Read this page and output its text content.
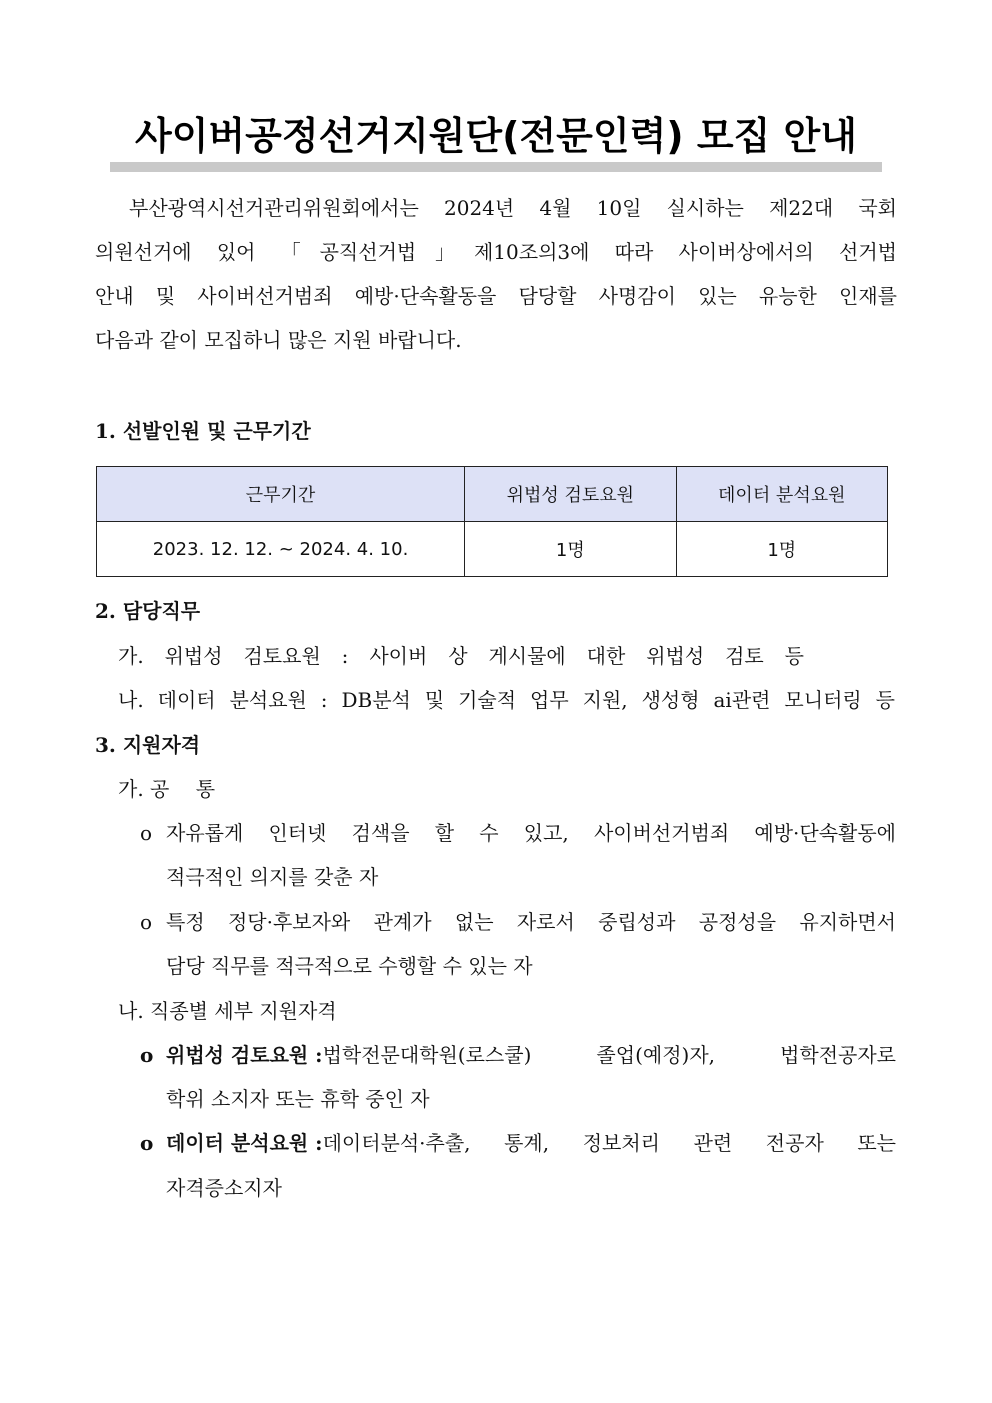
사이버공정선거지원단(전문인력) 모집 안내
부산광역시선거관리위원회에서는 2024년 4월 10일 실시하는 제22대 국회
의원선거에 있어 「공직선거법」제10조의3에 따라 사이버상에서의 선거법
안내 및 사이버선거범죄 예방·단속활동을 담당할 사명감이 있는 유능한 인재를
다음과 같이 모집하니 많은 지원 바랍니다.
1. 선발인원 및 근무기간
근무기간	위법성 검토요원	데이터 분석요원
2023. 12. 12. ~ 2024. 4. 10.	1명	1명
2. 담당직무
가. 위법성 검토요원 : 사이버 상 게시물에 대한 위법성 검토 등
나. 데이터 분석요원 : DB분석 및 기술적 업무 지원, 생성형 ai관련 모니터링 등
3. 지원자격
가. 공　 통
o 자유롭게 인터넷 검색을 할 수 있고, 사이버선거범죄 예방·단속활동에
적극적인 의지를 갖춘 자
o 특정 정당·후보자와 관계가 없는 자로서 중립성과 공정성을 유지하면서
담당 직무를 적극적으로 수행할 수 있는 자
나. 직종별 세부 지원자격
o 위법성 검토요원 : 법학전문대학원(로스쿨) 졸업(예정)자, 법학전공자로
학위 소지자 또는 휴학 중인 자
o 데이터 분석요원 : 데이터분석·추출, 통계, 정보처리 관련 전공자 또는
자격증소지자
